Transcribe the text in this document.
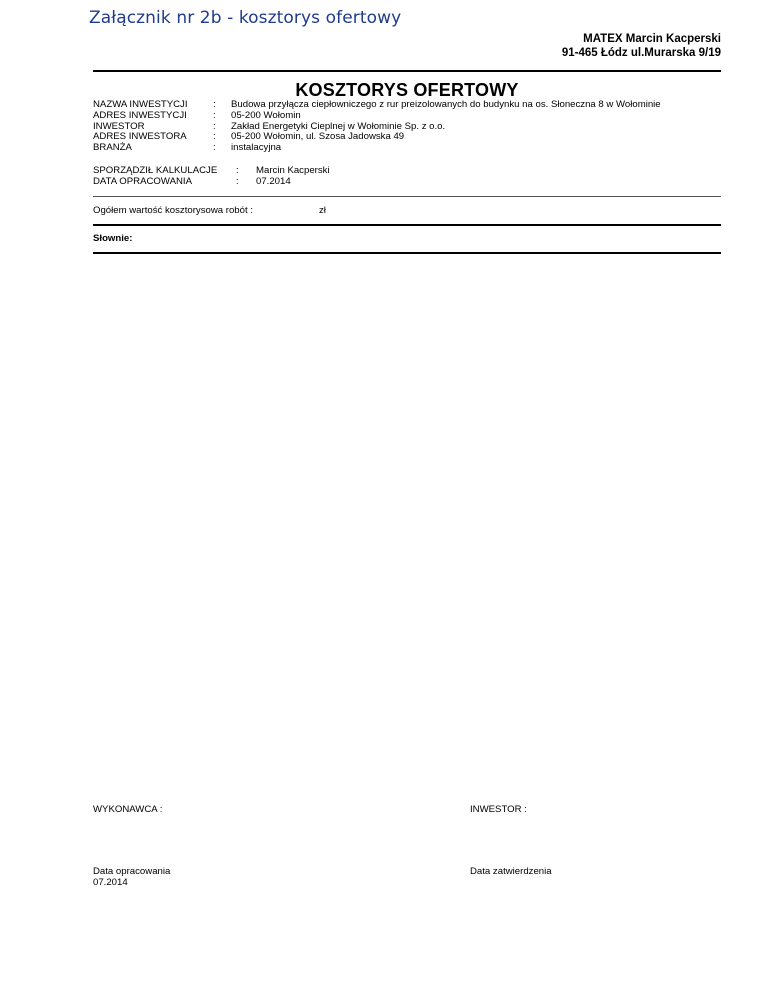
Załącznik nr 2b - kosztorys ofertowy
MATEX Marcin Kacperski
91-465 Łódz ul.Murarska 9/19
KOSZTORYS OFERTOWY
NAZWA INWESTYCJI	:	Budowa przyłącza ciepłowniczego z rur preizolowanych do budynku na os. Słoneczna 8 w Wołominie
ADRES INWESTYCJI	:	05-200 Wołomin
INWESTOR	:	Zakład Energetyki Cieplnej w Wołominie Sp. z o.o.
ADRES INWESTORA	:	05-200 Wołomin, ul. Szosa Jadowska 49
BRANŻA	:	instalacyjna
SPORZĄDZIŁ KALKULACJE	:	Marcin Kacperski
DATA OPRACOWANIA	:	07.2014
Ogółem wartość kosztorysowa robót :	zł
Słownie:
WYKONAWCA :	INWESTOR :
Data opracowania
07.2014
Data zatwierdzenia
